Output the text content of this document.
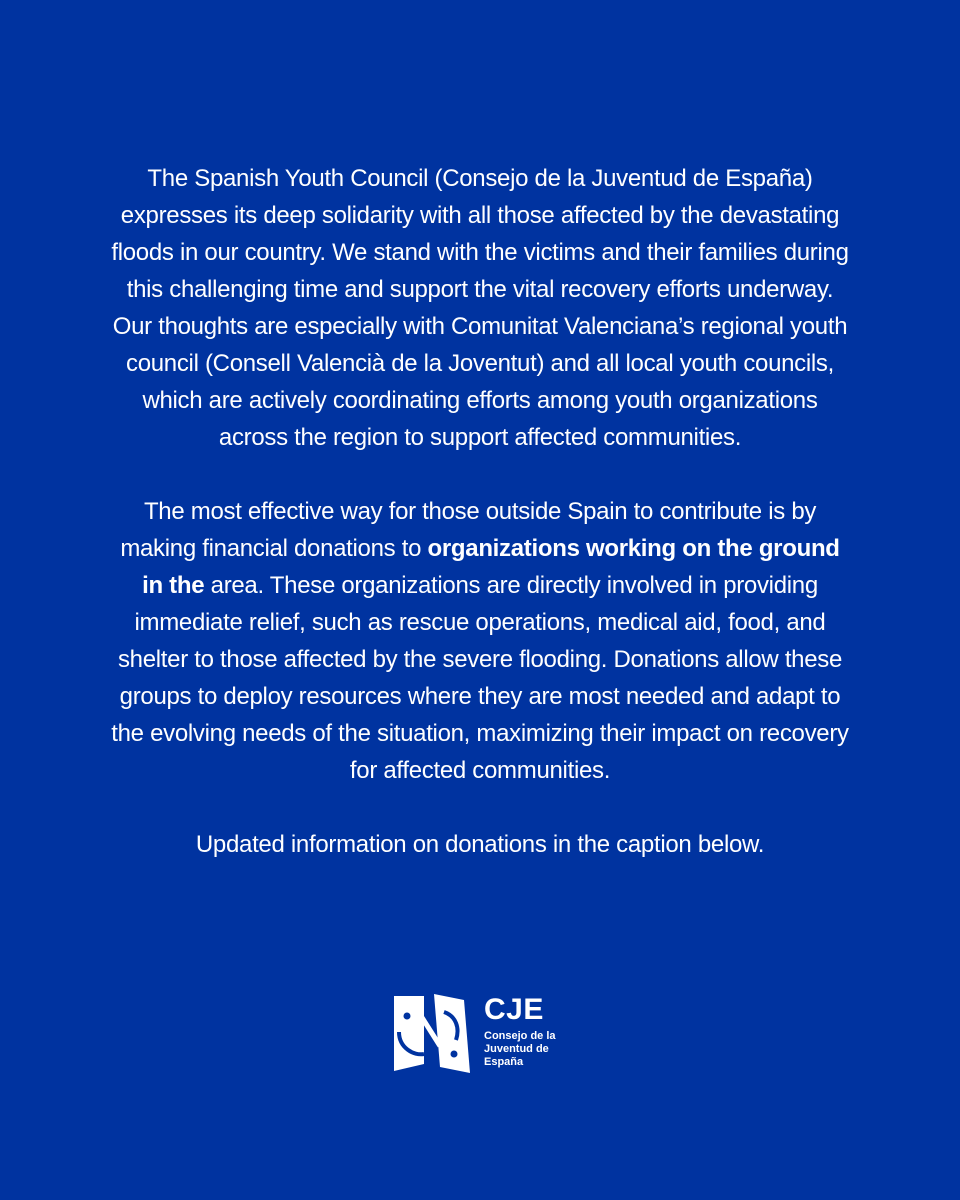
The Spanish Youth Council (Consejo de la Juventud de España) expresses its deep solidarity with all those affected by the devastating floods in our country. We stand with the victims and their families during this challenging time and support the vital recovery efforts underway. Our thoughts are especially with Comunitat Valenciana’s regional youth council (Consell Valencià de la Joventut) and all local youth councils, which are actively coordinating efforts among youth organizations across the region to support affected communities.

The most effective way for those outside Spain to contribute is by making financial donations to organizations working on the ground in the area. These organizations are directly involved in providing immediate relief, such as rescue operations, medical aid, food, and shelter to those affected by the severe flooding. Donations allow these groups to deploy resources where they are most needed and adapt to the evolving needs of the situation, maximizing their impact on recovery for affected communities.

Updated information on donations in the caption below.

CJE
Consejo de la
Juventud de
España
